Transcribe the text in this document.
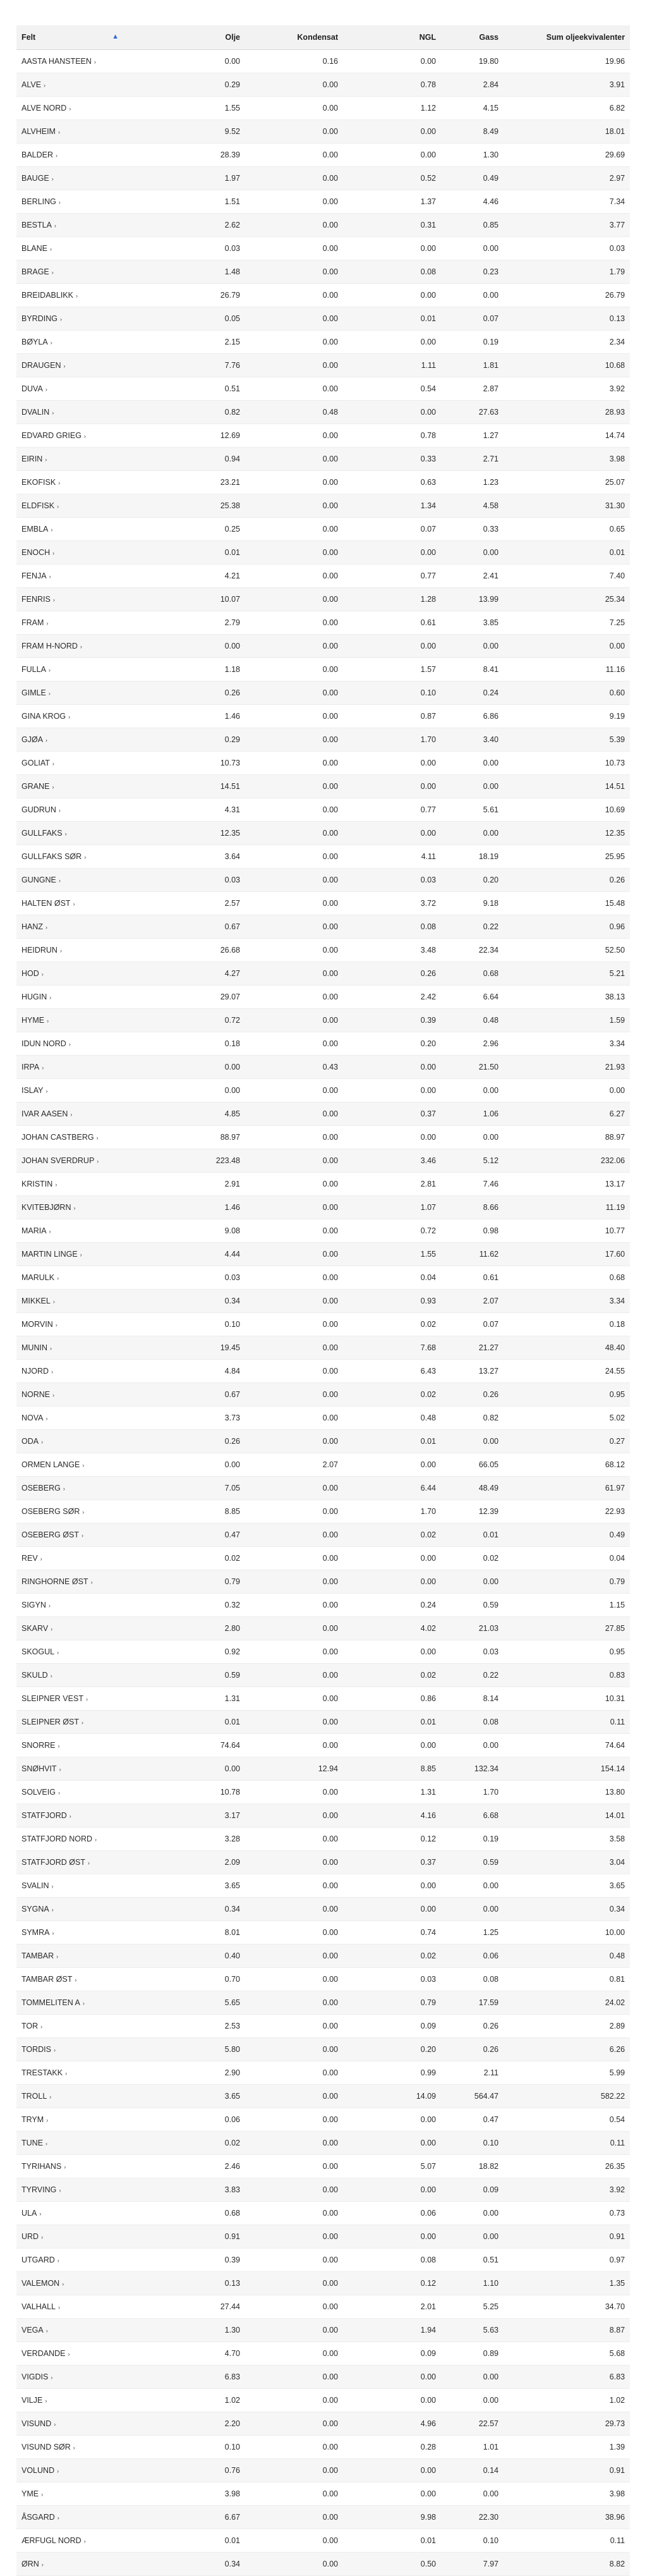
Felt ▲	Olje	Kondensat	NGL	Gass	Sum oljeekvivalenter
AASTA HANSTEEN ›	0.00	0.16	0.00	19.80	19.96
ALVE ›	0.29	0.00	0.78	2.84	3.91
ALVE NORD ›	1.55	0.00	1.12	4.15	6.82
ALVHEIM ›	9.52	0.00	0.00	8.49	18.01
BALDER ›	28.39	0.00	0.00	1.30	29.69
BAUGE ›	1.97	0.00	0.52	0.49	2.97
BERLING ›	1.51	0.00	1.37	4.46	7.34
BESTLA ›	2.62	0.00	0.31	0.85	3.77
BLANE ›	0.03	0.00	0.00	0.00	0.03
BRAGE ›	1.48	0.00	0.08	0.23	1.79
BREIDABLIKK ›	26.79	0.00	0.00	0.00	26.79
BYRDING ›	0.05	0.00	0.01	0.07	0.13
BØYLA ›	2.15	0.00	0.00	0.19	2.34
DRAUGEN ›	7.76	0.00	1.11	1.81	10.68
DUVA ›	0.51	0.00	0.54	2.87	3.92
DVALIN ›	0.82	0.48	0.00	27.63	28.93
EDVARD GRIEG ›	12.69	0.00	0.78	1.27	14.74
EIRIN ›	0.94	0.00	0.33	2.71	3.98
EKOFISK ›	23.21	0.00	0.63	1.23	25.07
ELDFISK ›	25.38	0.00	1.34	4.58	31.30
EMBLA ›	0.25	0.00	0.07	0.33	0.65
ENOCH ›	0.01	0.00	0.00	0.00	0.01
FENJA ›	4.21	0.00	0.77	2.41	7.40
FENRIS ›	10.07	0.00	1.28	13.99	25.34
FRAM ›	2.79	0.00	0.61	3.85	7.25
FRAM H-NORD ›	0.00	0.00	0.00	0.00	0.00
FULLA ›	1.18	0.00	1.57	8.41	11.16
GIMLE ›	0.26	0.00	0.10	0.24	0.60
GINA KROG ›	1.46	0.00	0.87	6.86	9.19
GJØA ›	0.29	0.00	1.70	3.40	5.39
GOLIAT ›	10.73	0.00	0.00	0.00	10.73
GRANE ›	14.51	0.00	0.00	0.00	14.51
GUDRUN ›	4.31	0.00	0.77	5.61	10.69
GULLFAKS ›	12.35	0.00	0.00	0.00	12.35
GULLFAKS SØR ›	3.64	0.00	4.11	18.19	25.95
GUNGNE ›	0.03	0.00	0.03	0.20	0.26
HALTEN ØST ›	2.57	0.00	3.72	9.18	15.48
HANZ ›	0.67	0.00	0.08	0.22	0.96
HEIDRUN ›	26.68	0.00	3.48	22.34	52.50
HOD ›	4.27	0.00	0.26	0.68	5.21
HUGIN ›	29.07	0.00	2.42	6.64	38.13
HYME ›	0.72	0.00	0.39	0.48	1.59
IDUN NORD ›	0.18	0.00	0.20	2.96	3.34
IRPA ›	0.00	0.43	0.00	21.50	21.93
ISLAY ›	0.00	0.00	0.00	0.00	0.00
IVAR AASEN ›	4.85	0.00	0.37	1.06	6.27
JOHAN CASTBERG ›	88.97	0.00	0.00	0.00	88.97
JOHAN SVERDRUP ›	223.48	0.00	3.46	5.12	232.06
KRISTIN ›	2.91	0.00	2.81	7.46	13.17
KVITEBJØRN ›	1.46	0.00	1.07	8.66	11.19
MARIA ›	9.08	0.00	0.72	0.98	10.77
MARTIN LINGE ›	4.44	0.00	1.55	11.62	17.60
MARULK ›	0.03	0.00	0.04	0.61	0.68
MIKKEL ›	0.34	0.00	0.93	2.07	3.34
MORVIN ›	0.10	0.00	0.02	0.07	0.18
MUNIN ›	19.45	0.00	7.68	21.27	48.40
NJORD ›	4.84	0.00	6.43	13.27	24.55
NORNE ›	0.67	0.00	0.02	0.26	0.95
NOVA ›	3.73	0.00	0.48	0.82	5.02
ODA ›	0.26	0.00	0.01	0.00	0.27
ORMEN LANGE ›	0.00	2.07	0.00	66.05	68.12
OSEBERG ›	7.05	0.00	6.44	48.49	61.97
OSEBERG SØR ›	8.85	0.00	1.70	12.39	22.93
OSEBERG ØST ›	0.47	0.00	0.02	0.01	0.49
REV ›	0.02	0.00	0.00	0.02	0.04
RINGHORNE ØST ›	0.79	0.00	0.00	0.00	0.79
SIGYN ›	0.32	0.00	0.24	0.59	1.15
SKARV ›	2.80	0.00	4.02	21.03	27.85
SKOGUL ›	0.92	0.00	0.00	0.03	0.95
SKULD ›	0.59	0.00	0.02	0.22	0.83
SLEIPNER VEST ›	1.31	0.00	0.86	8.14	10.31
SLEIPNER ØST ›	0.01	0.00	0.01	0.08	0.11
SNORRE ›	74.64	0.00	0.00	0.00	74.64
SNØHVIT ›	0.00	12.94	8.85	132.34	154.14
SOLVEIG ›	10.78	0.00	1.31	1.70	13.80
STATFJORD ›	3.17	0.00	4.16	6.68	14.01
STATFJORD NORD ›	3.28	0.00	0.12	0.19	3.58
STATFJORD ØST ›	2.09	0.00	0.37	0.59	3.04
SVALIN ›	3.65	0.00	0.00	0.00	3.65
SYGNA ›	0.34	0.00	0.00	0.00	0.34
SYMRA ›	8.01	0.00	0.74	1.25	10.00
TAMBAR ›	0.40	0.00	0.02	0.06	0.48
TAMBAR ØST ›	0.70	0.00	0.03	0.08	0.81
TOMMELITEN A ›	5.65	0.00	0.79	17.59	24.02
TOR ›	2.53	0.00	0.09	0.26	2.89
TORDIS ›	5.80	0.00	0.20	0.26	6.26
TRESTAKK ›	2.90	0.00	0.99	2.11	5.99
TROLL ›	3.65	0.00	14.09	564.47	582.22
TRYM ›	0.06	0.00	0.00	0.47	0.54
TUNE ›	0.02	0.00	0.00	0.10	0.11
TYRIHANS ›	2.46	0.00	5.07	18.82	26.35
TYRVING ›	3.83	0.00	0.00	0.09	3.92
ULA ›	0.68	0.00	0.06	0.00	0.73
URD ›	0.91	0.00	0.00	0.00	0.91
UTGARD ›	0.39	0.00	0.08	0.51	0.97
VALEMON ›	0.13	0.00	0.12	1.10	1.35
VALHALL ›	27.44	0.00	2.01	5.25	34.70
VEGA ›	1.30	0.00	1.94	5.63	8.87
VERDANDE ›	4.70	0.00	0.09	0.89	5.68
VIGDIS ›	6.83	0.00	0.00	0.00	6.83
VILJE ›	1.02	0.00	0.00	0.00	1.02
VISUND ›	2.20	0.00	4.96	22.57	29.73
VISUND SØR ›	0.10	0.00	0.28	1.01	1.39
VOLUND ›	0.76	0.00	0.00	0.14	0.91
YME ›	3.98	0.00	0.00	0.00	3.98
ÅSGARD ›	6.67	0.00	9.98	22.30	38.96
ÆRFUGL NORD ›	0.01	0.00	0.01	0.10	0.11
ØRN ›	0.34	0.00	0.50	7.97	8.82
